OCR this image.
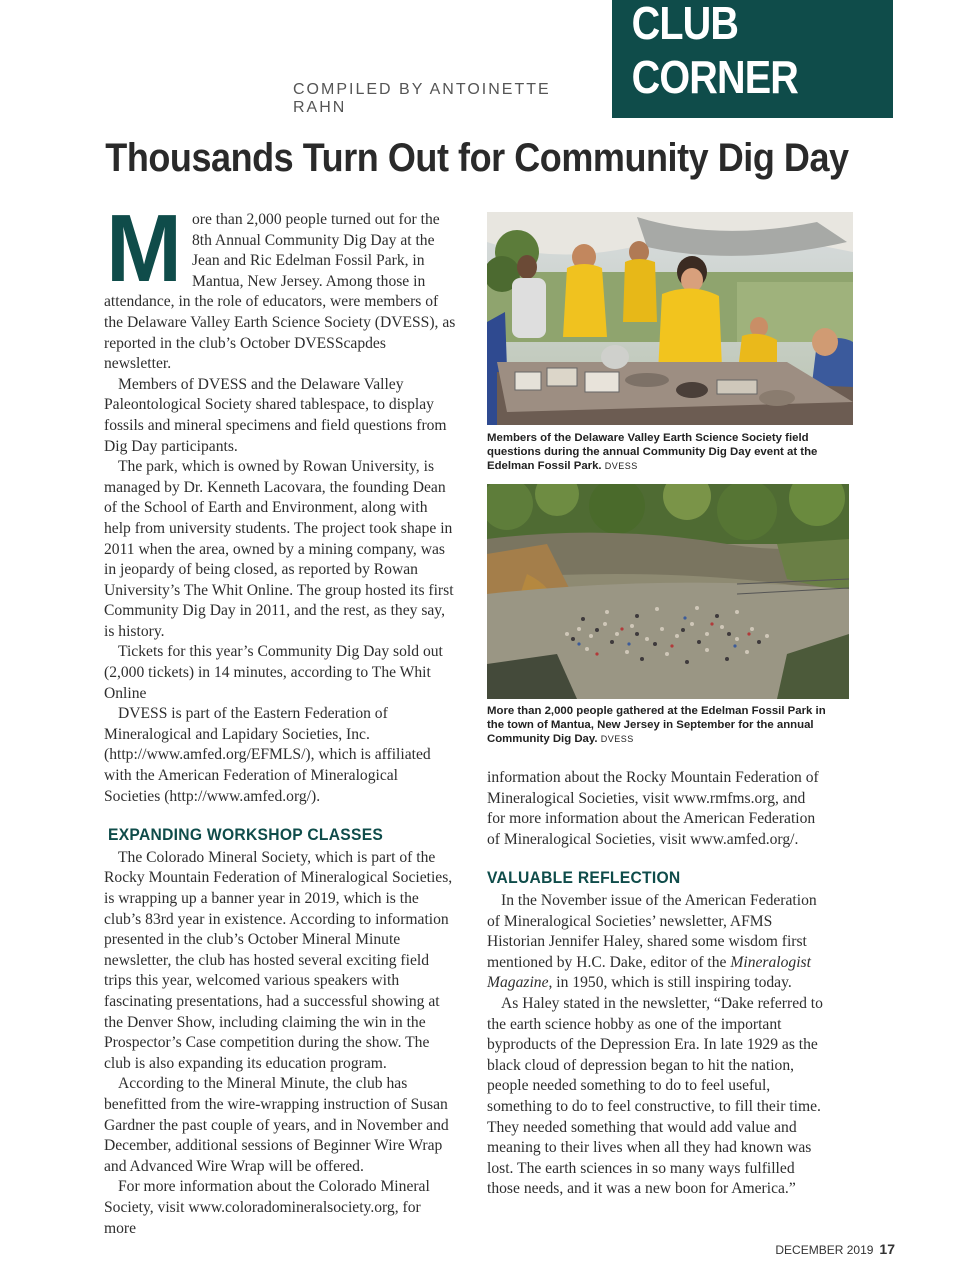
CLUB CORNER
COMPILED BY ANTOINETTE RAHN
Thousands Turn Out for Community Dig Day

More than 2,000 people turned out for the 8th Annual Community Dig Day at the Jean and Ric Edelman Fossil Park, in Mantua, New Jersey. Among those in attendance, in the role of educators, were members of the Delaware Valley Earth Science Society (DVESS), as reported in the club’s October DVESScapdes newsletter.

Members of DVESS and the Delaware Valley Paleontological Society shared tablespace, to display fossils and mineral specimens and field questions from Dig Day participants.

The park, which is owned by Rowan University, is managed by Dr. Kenneth Lacovara, the founding Dean of the School of Earth and Environment, along with help from university students. The project took shape in 2011 when the area, owned by a mining company, was in jeopardy of being closed, as reported by Rowan University’s The Whit Online. The group hosted its first Community Dig Day in 2011, and the rest, as they say, is history.

Tickets for this year’s Community Dig Day sold out (2,000 tickets) in 14 minutes, according to The Whit Online

DVESS is part of the Eastern Federation of Mineralogical and Lapidary Societies, Inc. (http://www.amfed.org/EFMLS/), which is affiliated with the American Federation of Mineralogical Societies (http://www.amfed.org/).

EXPANDING WORKSHOP CLASSES

The Colorado Mineral Society, which is part of the Rocky Mountain Federation of Mineralogical Societies, is wrapping up a banner year in 2019, which is the club’s 83rd year in existence. According to information presented in the club’s October Mineral Minute newsletter, the club has hosted several exciting field trips this year, welcomed various speakers with fascinating presentations, had a successful showing at the Denver Show, including claiming the win in the Prospector’s Case competition during the show. The club is also expanding its education program.

According to the Mineral Minute, the club has benefitted from the wire-wrapping instruction of Susan Gardner the past couple of years, and in November and December, additional sessions of Beginner Wire Wrap and Advanced Wire Wrap will be offered.

For more information about the Colorado Mineral Society, visit www.coloradomineralsociety.org, for more

Members of the Delaware Valley Earth Science Society field questions during the annual Community Dig Day event at the Edelman Fossil Park. DVESS
More than 2,000 people gathered at the Edelman Fossil Park in the town of Mantua, New Jersey in September for the annual Community Dig Day. DVESS

information about the Rocky Mountain Federation of Mineralogical Societies, visit www.rmfms.org, and for more information about the American Federation of Mineralogical Societies, visit www.amfed.org/.

VALUABLE REFLECTION

In the November issue of the American Federation of Mineralogical Societies’ newsletter, AFMS Historian Jennifer Haley, shared some wisdom first mentioned by H.C. Dake, editor of the Mineralogist Magazine, in 1950, which is still inspiring today.

As Haley stated in the newsletter, “Dake referred to the earth science hobby as one of the important byproducts of the Depression Era. In late 1929 as the black cloud of depression began to hit the nation, people needed something to do to feel useful, something to do to feel constructive, to fill their time. They needed something that would add value and meaning to their lives when all they had known was lost. The earth sciences in so many ways fulfilled those needs, and it was a new boon for America.”

DECEMBER 2019 17
